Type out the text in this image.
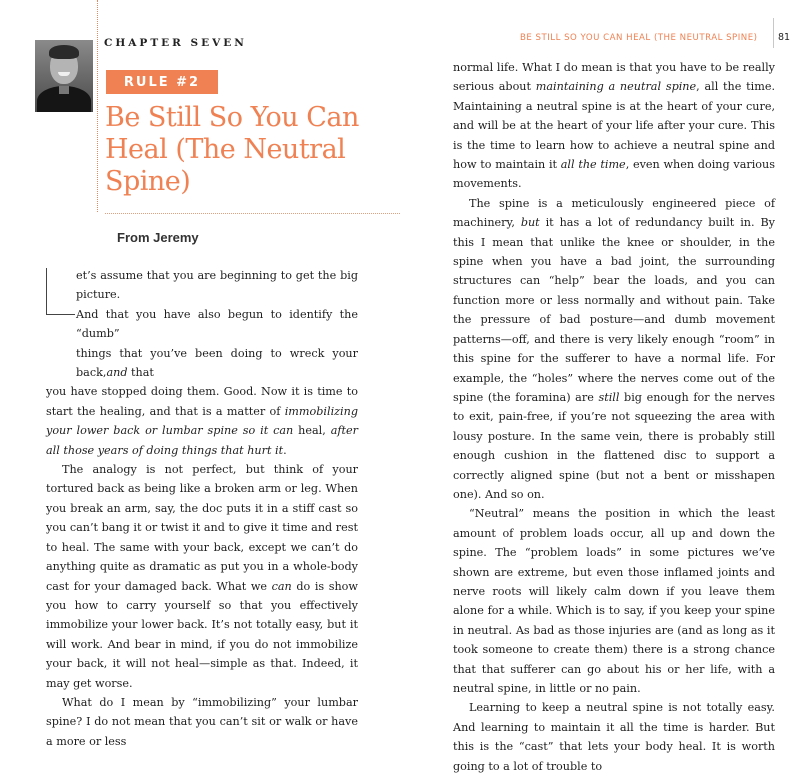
CHAPTER SEVEN
RULE #2
Be Still So You Can Heal (The Neutral Spine)
From Jeremy

et’s assume that you are beginning to get the big picture.
And that you have also begun to identify the “dumb”
things that you’ve been doing to wreck your back,and that
you have stopped doing them. Good. Now it is time to start the healing, and that is a matter of immobilizing your lower back or lumbar spine so it can heal, after all those years of doing things that hurt it.

The analogy is not perfect, but think of your tortured back as being like a broken arm or leg. When you break an arm, say, the doc puts it in a stiff cast so you can’t bang it or twist it and to give it time and rest to heal. The same with your back, except we can’t do anything quite as dramatic as put you in a whole-body cast for your damaged back. What we can do is show you how to carry yourself so that you effectively immobilize your lower back. It’s not totally easy, but it will work. And bear in mind, if you do not immobilize your back, it will not heal—simple as that. Indeed, it may get worse.

What do I mean by “immobilizing” your lumbar spine? I do not mean that you can’t sit or walk or have a more or less

BE STILL SO YOU CAN HEAL (THE NEUTRAL SPINE) 81

normal life. What I do mean is that you have to be really serious about maintaining a neutral spine, all the time. Maintaining a neutral spine is at the heart of your cure, and will be at the heart of your life after your cure. This is the time to learn how to achieve a neutral spine and how to maintain it all the time, even when doing various movements.

The spine is a meticulously engineered piece of machinery, but it has a lot of redundancy built in. By this I mean that unlike the knee or shoulder, in the spine when you have a bad joint, the surrounding structures can “help” bear the loads, and you can function more or less normally and without pain. Take the pressure of bad posture—and dumb movement patterns—off, and there is very likely enough “room” in this spine for the sufferer to have a normal life. For example, the “holes” where the nerves come out of the spine (the foramina) are still big enough for the nerves to exit, pain-free, if you’re not squeezing the area with lousy posture. In the same vein, there is probably still enough cushion in the flattened disc to support a correctly aligned spine (but not a bent or misshapen one). And so on.

“Neutral” means the position in which the least amount of problem loads occur, all up and down the spine. The “problem loads” in some pictures we’ve shown are extreme, but even those inflamed joints and nerve roots will likely calm down if you leave them alone for a while. Which is to say, if you keep your spine in neutral. As bad as those injuries are (and as long as it took someone to create them) there is a strong chance that that sufferer can go about his or her life, with a neutral spine, in little or no pain.

Learning to keep a neutral spine is not totally easy. And learning to maintain it all the time is harder. But this is the “cast” that lets your body heal. It is worth going to a lot of trouble to
